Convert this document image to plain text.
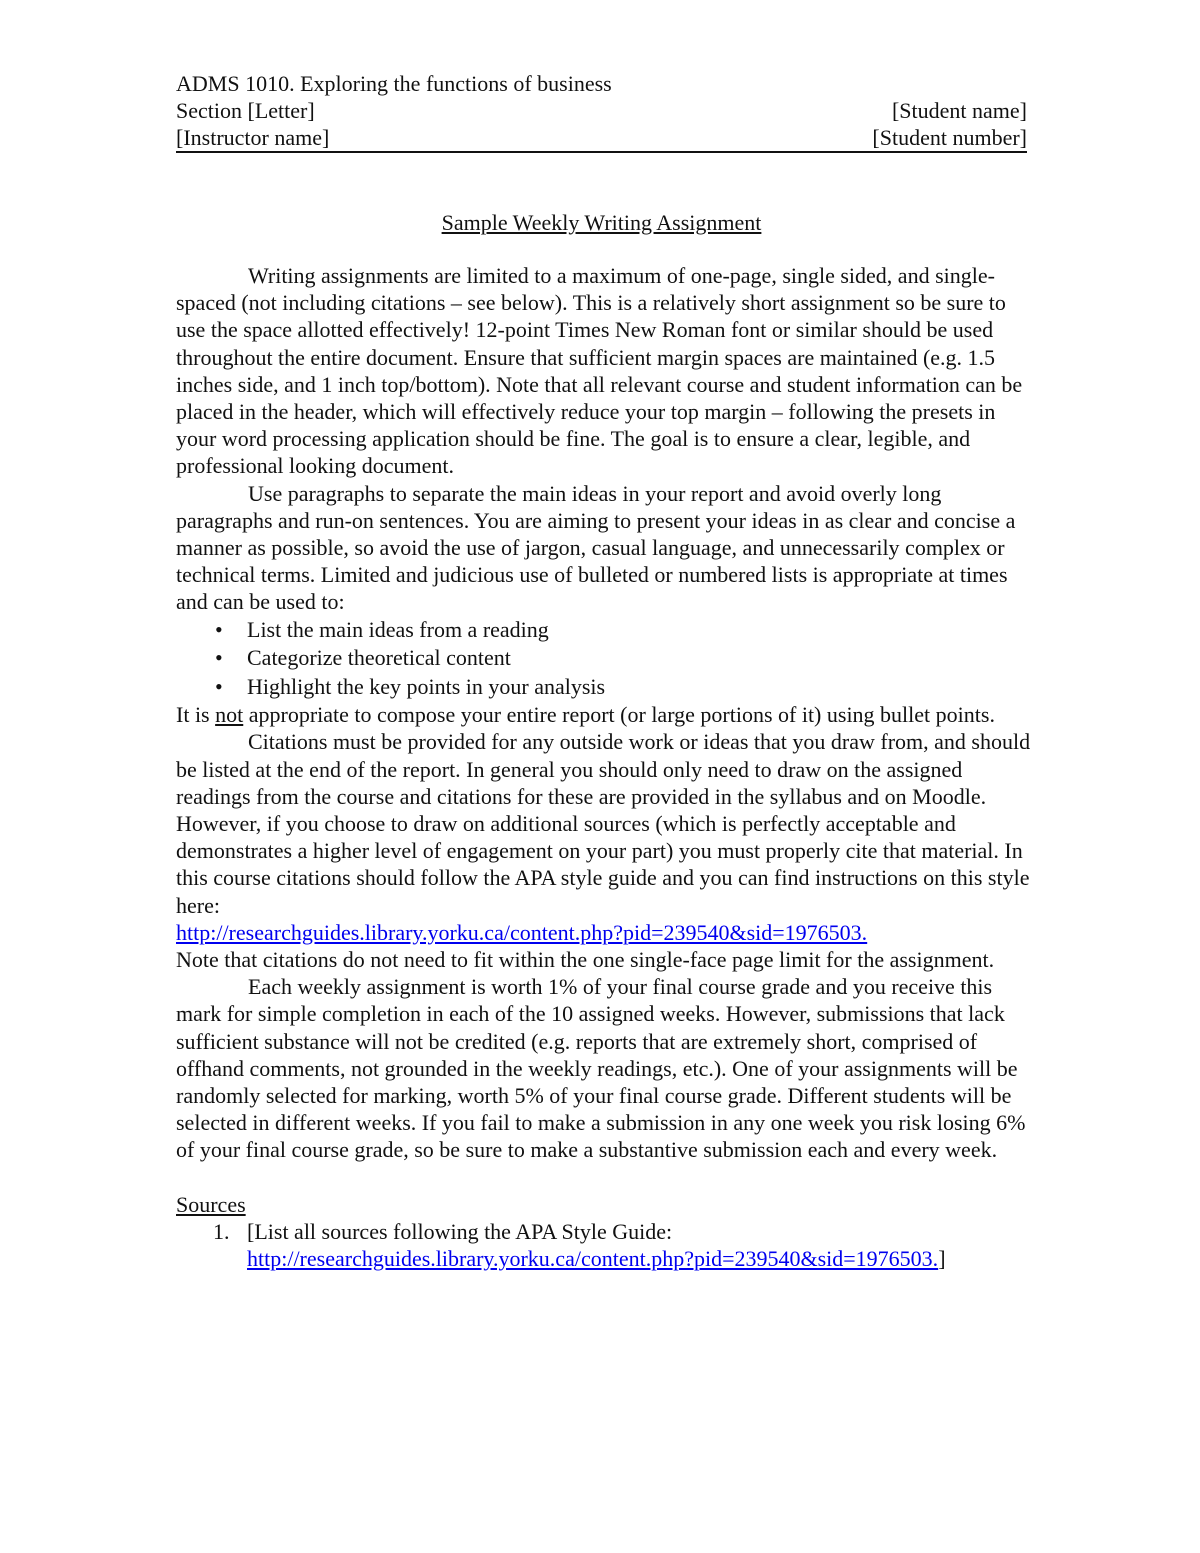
ADMS 1010. Exploring the functions of business
Section [Letter]	[Student name]
[Instructor name]	[Student number]
Sample Weekly Writing Assignment

Writing assignments are limited to a maximum of one-page, single sided, and single-spaced (not including citations – see below). This is a relatively short assignment so be sure to use the space allotted effectively! 12-point Times New Roman font or similar should be used throughout the entire document. Ensure that sufficient margin spaces are maintained (e.g. 1.5 inches side, and 1 inch top/bottom). Note that all relevant course and student information can be placed in the header, which will effectively reduce your top margin – following the presets in your word processing application should be fine. The goal is to ensure a clear, legible, and professional looking document.

Use paragraphs to separate the main ideas in your report and avoid overly long paragraphs and run-on sentences. You are aiming to present your ideas in as clear and concise a manner as possible, so avoid the use of jargon, casual language, and unnecessarily complex or technical terms. Limited and judicious use of bulleted or numbered lists is appropriate at times and can be used to:

• List the main ideas from a reading
• Categorize theoretical content
• Highlight the key points in your analysis

It is not appropriate to compose your entire report (or large portions of it) using bullet points.

Citations must be provided for any outside work or ideas that you draw from, and should be listed at the end of the report. In general you should only need to draw on the assigned readings from the course and citations for these are provided in the syllabus and on Moodle. However, if you choose to draw on additional sources (which is perfectly acceptable and demonstrates a higher level of engagement on your part) you must properly cite that material. In this course citations should follow the APA style guide and you can find instructions on this style here:

http://researchguides.library.yorku.ca/content.php?pid=239540&sid=1976503.

Note that citations do not need to fit within the one single-face page limit for the assignment.

Each weekly assignment is worth 1% of your final course grade and you receive this mark for simple completion in each of the 10 assigned weeks. However, submissions that lack sufficient substance will not be credited (e.g. reports that are extremely short, comprised of offhand comments, not grounded in the weekly readings, etc.). One of your assignments will be randomly selected for marking, worth 5% of your final course grade. Different students will be selected in different weeks. If you fail to make a submission in any one week you risk losing 6% of your final course grade, so be sure to make a substantive submission each and every week.

Sources

1. [List all sources following the APA Style Guide: http://researchguides.library.yorku.ca/content.php?pid=239540&sid=1976503.]
